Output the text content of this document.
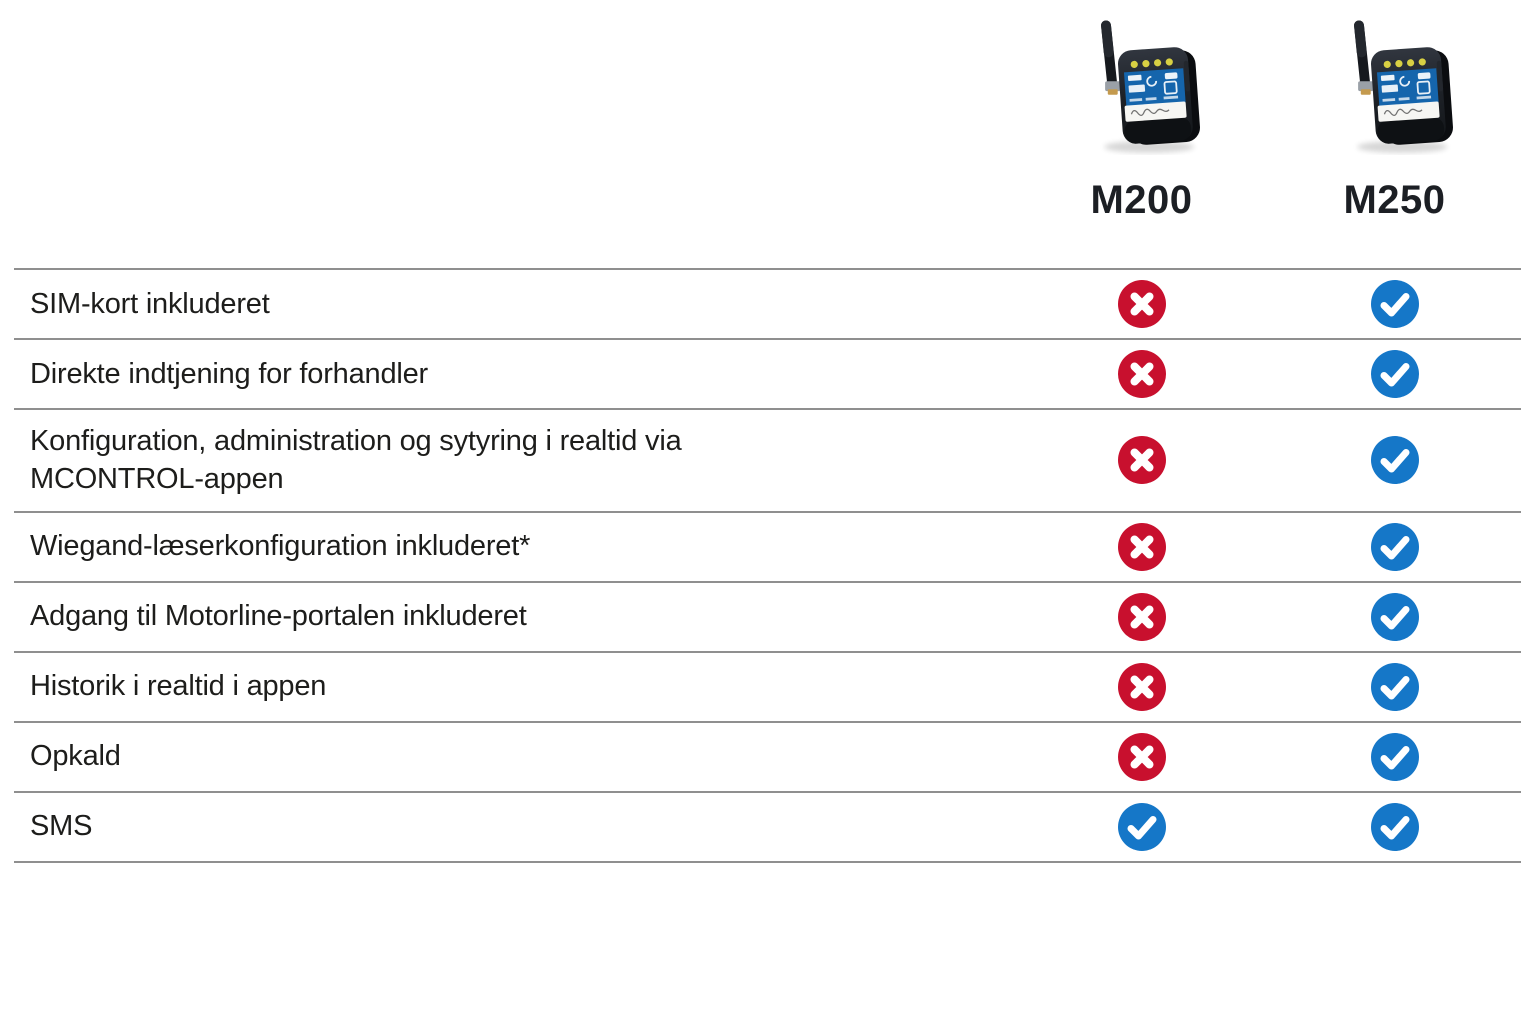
M200	M250
SIM-kort inkluderet
Direkte indtjening for forhandler
Konfiguration, administration og sytyring i realtid via MCONTROL-appen
Wiegand-læserkonfiguration inkluderet*
Adgang til Motorline-portalen inkluderet
Historik i realtid i appen
Opkald
SMS
